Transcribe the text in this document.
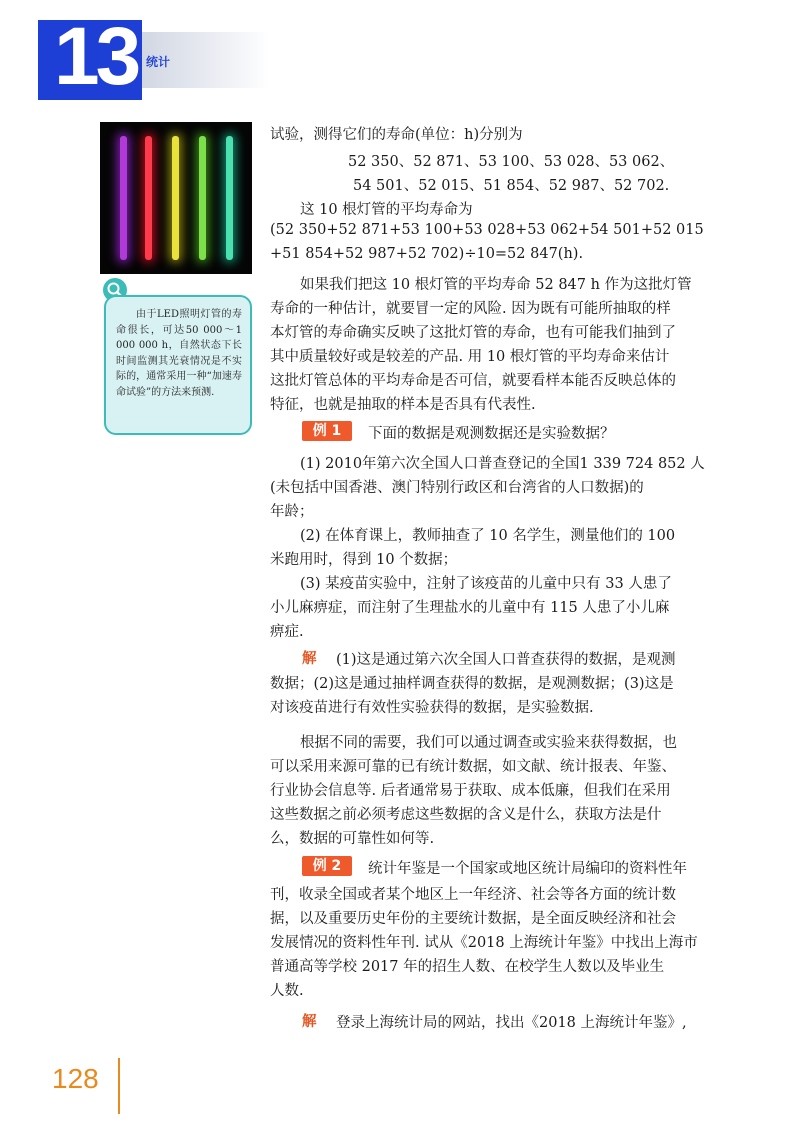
13 统计
由于LED照明灯管的寿命很长，可达50 000～1 000 000 h，自然状态下长时间监测其光衰情况是不实际的，通常采用一种“加速寿命试验”的方法来预测.
试验，测得它们的寿命(单位：h)分别为
52 350、52 871、53 100、53 028、53 062、
54 501、52 015、51 854、52 987、52 702.
这 10 根灯管的平均寿命为
(52 350+52 871+53 100+53 028+53 062+54 501+52 015
+51 854+52 987+52 702)÷10=52 847(h).
如果我们把这 10 根灯管的平均寿命 52 847 h 作为这批灯管
寿命的一种估计，就要冒一定的风险. 因为既有可能所抽取的样
本灯管的寿命确实反映了这批灯管的寿命，也有可能我们抽到了
其中质量较好或是较差的产品. 用 10 根灯管的平均寿命来估计
这批灯管总体的平均寿命是否可信，就要看样本能否反映总体的
特征，也就是抽取的样本是否具有代表性.
例 1	下面的数据是观测数据还是实验数据？
(1) 2010年第六次全国人口普查登记的全国1 339 724 852 人
(未包括中国香港、澳门特别行政区和台湾省的人口数据)的
年龄；
(2) 在体育课上，教师抽查了 10 名学生，测量他们的 100
米跑用时，得到 10 个数据；
(3) 某疫苗实验中，注射了该疫苗的儿童中只有 33 人患了
小儿麻痹症，而注射了生理盐水的儿童中有 115 人患了小儿麻
痹症.
解 (1)这是通过第六次全国人口普查获得的数据，是观测
数据；(2)这是通过抽样调查获得的数据，是观测数据；(3)这是
对该疫苗进行有效性实验获得的数据，是实验数据.
根据不同的需要，我们可以通过调查或实验来获得数据，也
可以采用来源可靠的已有统计数据，如文献、统计报表、年鉴、
行业协会信息等. 后者通常易于获取、成本低廉，但我们在采用
这些数据之前必须考虑这些数据的含义是什么，获取方法是什
么，数据的可靠性如何等.
例 2	统计年鉴是一个国家或地区统计局编印的资料性年
刊，收录全国或者某个地区上一年经济、社会等各方面的统计数
据，以及重要历史年份的主要统计数据，是全面反映经济和社会
发展情况的资料性年刊. 试从《2018 上海统计年鉴》中找出上海市
普通高等学校 2017 年的招生人数、在校学生人数以及毕业生
人数.
解 登录上海统计局的网站，找出《2018 上海统计年鉴》,
128
